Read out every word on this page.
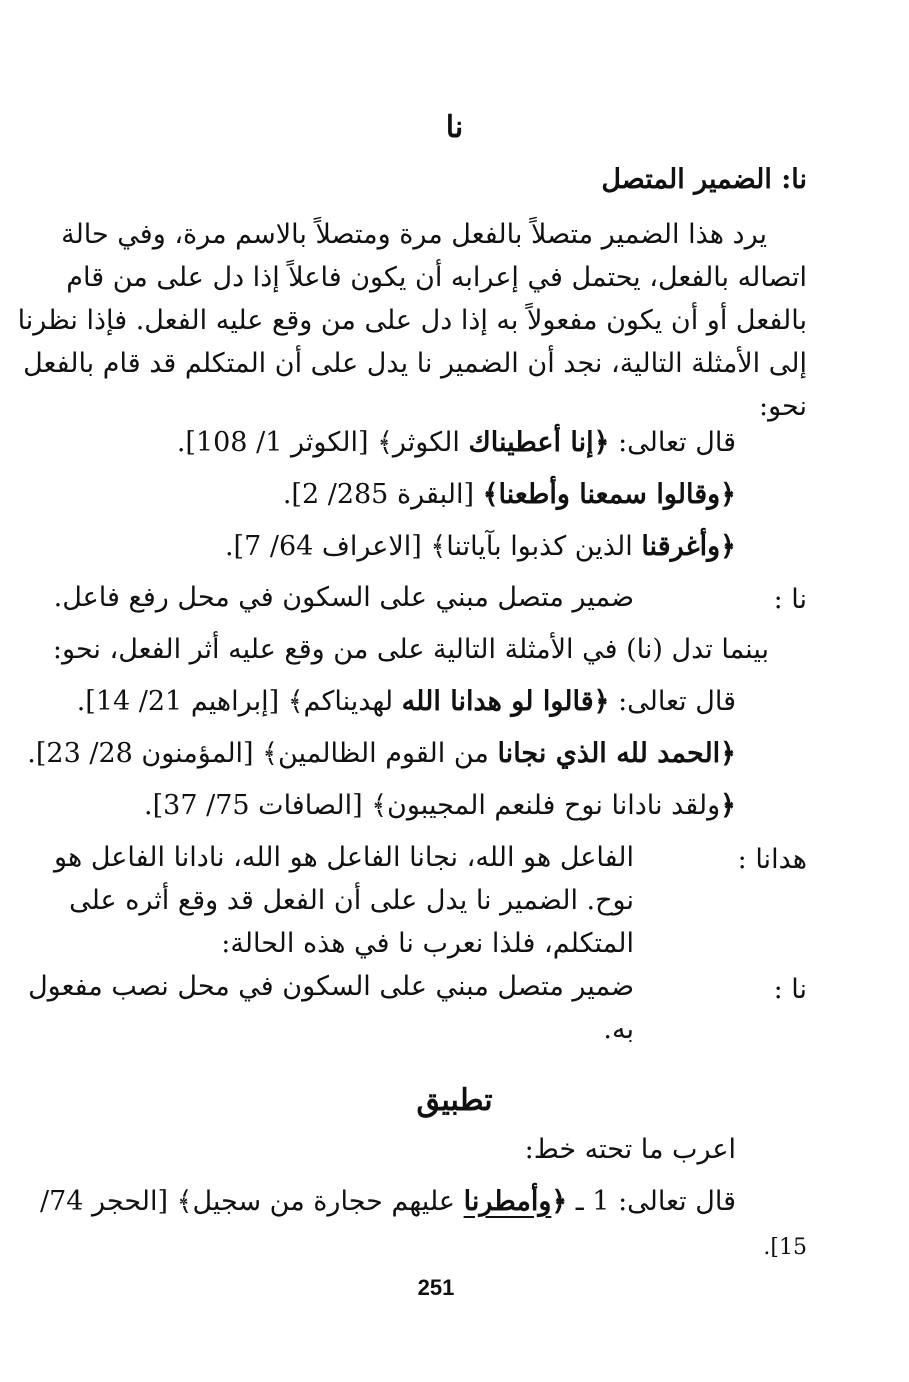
نا
نا: الضمير المتصل
يرد هذا الضمير متصلاً بالفعل مرة ومتصلاً بالاسم مرة، وفي حالة
اتصاله بالفعل، يحتمل في إعرابه أن يكون فاعلاً إذا دل على من قام
بالفعل أو أن يكون مفعولاً به إذا دل على من وقع عليه الفعل. فإذا نظرنا
إلى الأمثلة التالية، نجد أن الضمير نا يدل على أن المتكلم قد قام بالفعل
نحو:
قال تعالى: ﴿إنا أعطيناك الكوثر﴾ [الكوثر 1/ 108].
﴿وقالوا سمعنا وأطعنا﴾ [البقرة 285/ 2].
﴿وأغرقنا الذين كذبوا بآياتنا﴾ [الاعراف 64/ 7].
نا :
ضمير متصل مبني على السكون في محل رفع فاعل.
بينما تدل (نا) في الأمثلة التالية على من وقع عليه أثر الفعل، نحو:
قال تعالى: ﴿قالوا لو هدانا الله لهديناكم﴾ [إبراهيم 21/ 14].
﴿الحمد لله الذي نجانا من القوم الظالمين﴾ [المؤمنون 28/ 23].
﴿ولقد نادانا نوح فلنعم المجيبون﴾ [الصافات 75/ 37].
هدانا :
الفاعل هو الله، نجانا الفاعل هو الله، نادانا الفاعل هو
نوح. الضمير نا يدل على أن الفعل قد وقع أثره على
المتكلم، فلذا نعرب نا في هذه الحالة:
نا :
ضمير متصل مبني على السكون في محل نصب مفعول
به.
تطبيق
اعرب ما تحته خط:
قال تعالى: 1 ـ ﴿وأمطرنا عليهم حجارة من سجيل﴾ [الحجر 74/
15].
251
